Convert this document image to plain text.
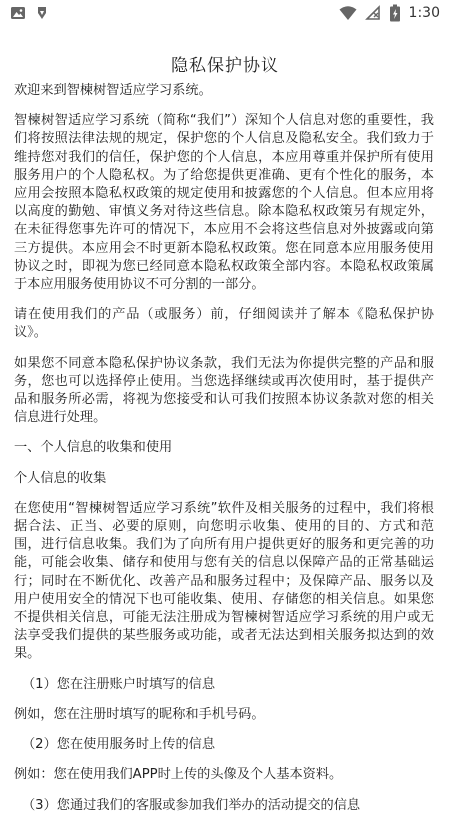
1:30
隐私保护协议

欢迎来到智楝树智适应学习系统。

智楝树智适应学习系统（简称“我们”）深知个人信息对您的重要性，我们将按照法律法规的规定，保护您的个人信息及隐私安全。我们致力于维持您对我们的信任，保护您的个人信息，本应用尊重并保护所有使用服务用户的个人隐私权。为了给您提供更准确、更有个性化的服务，本应用会按照本隐私权政策的规定使用和披露您的个人信息。但本应用将以高度的勤勉、审慎义务对待这些信息。除本隐私权政策另有规定外，在未征得您事先许可的情况下，本应用不会将这些信息对外披露或向第三方提供。本应用会不时更新本隐私权政策。您在同意本应用服务使用协议之时，即视为您已经同意本隐私权政策全部内容。本隐私权政策属于本应用服务使用协议不可分割的一部分。

请在使用我们的产品（或服务）前，仔细阅读并了解本《隐私保护协议》。

如果您不同意本隐私保护协议条款，我们无法为你提供完整的产品和服务，您也可以选择停止使用。当您选择继续或再次使用时，基于提供产品和服务所必需，将视为您接受和认可我们按照本协议条款对您的相关信息进行处理。

一、个人信息的收集和使用

个人信息的收集

在您使用“智楝树智适应学习系统”软件及相关服务的过程中，我们将根据合法、正当、必要的原则，向您明示收集、使用的目的、方式和范围，进行信息收集。我们为了向所有用户提供更好的服务和更完善的功能，可能会收集、储存和使用与您有关的信息以保障产品的正常基础运行；同时在不断优化、改善产品和服务过程中；及保障产品、服务以及用户使用安全的情况下也可能收集、使用、存储您的相关信息。如果您不提供相关信息，可能无法注册成为智楝树智适应学习系统的用户或无法享受我们提供的某些服务或功能，或者无法达到相关服务拟达到的效果。

（1）您在注册账户时填写的信息

例如，您在注册时填写的昵称和手机号码。

（2）您在使用服务时上传的信息

例如：您在使用我们APP时上传的头像及个人基本资料。

（3）您通过我们的客服或参加我们举办的活动提交的信息
